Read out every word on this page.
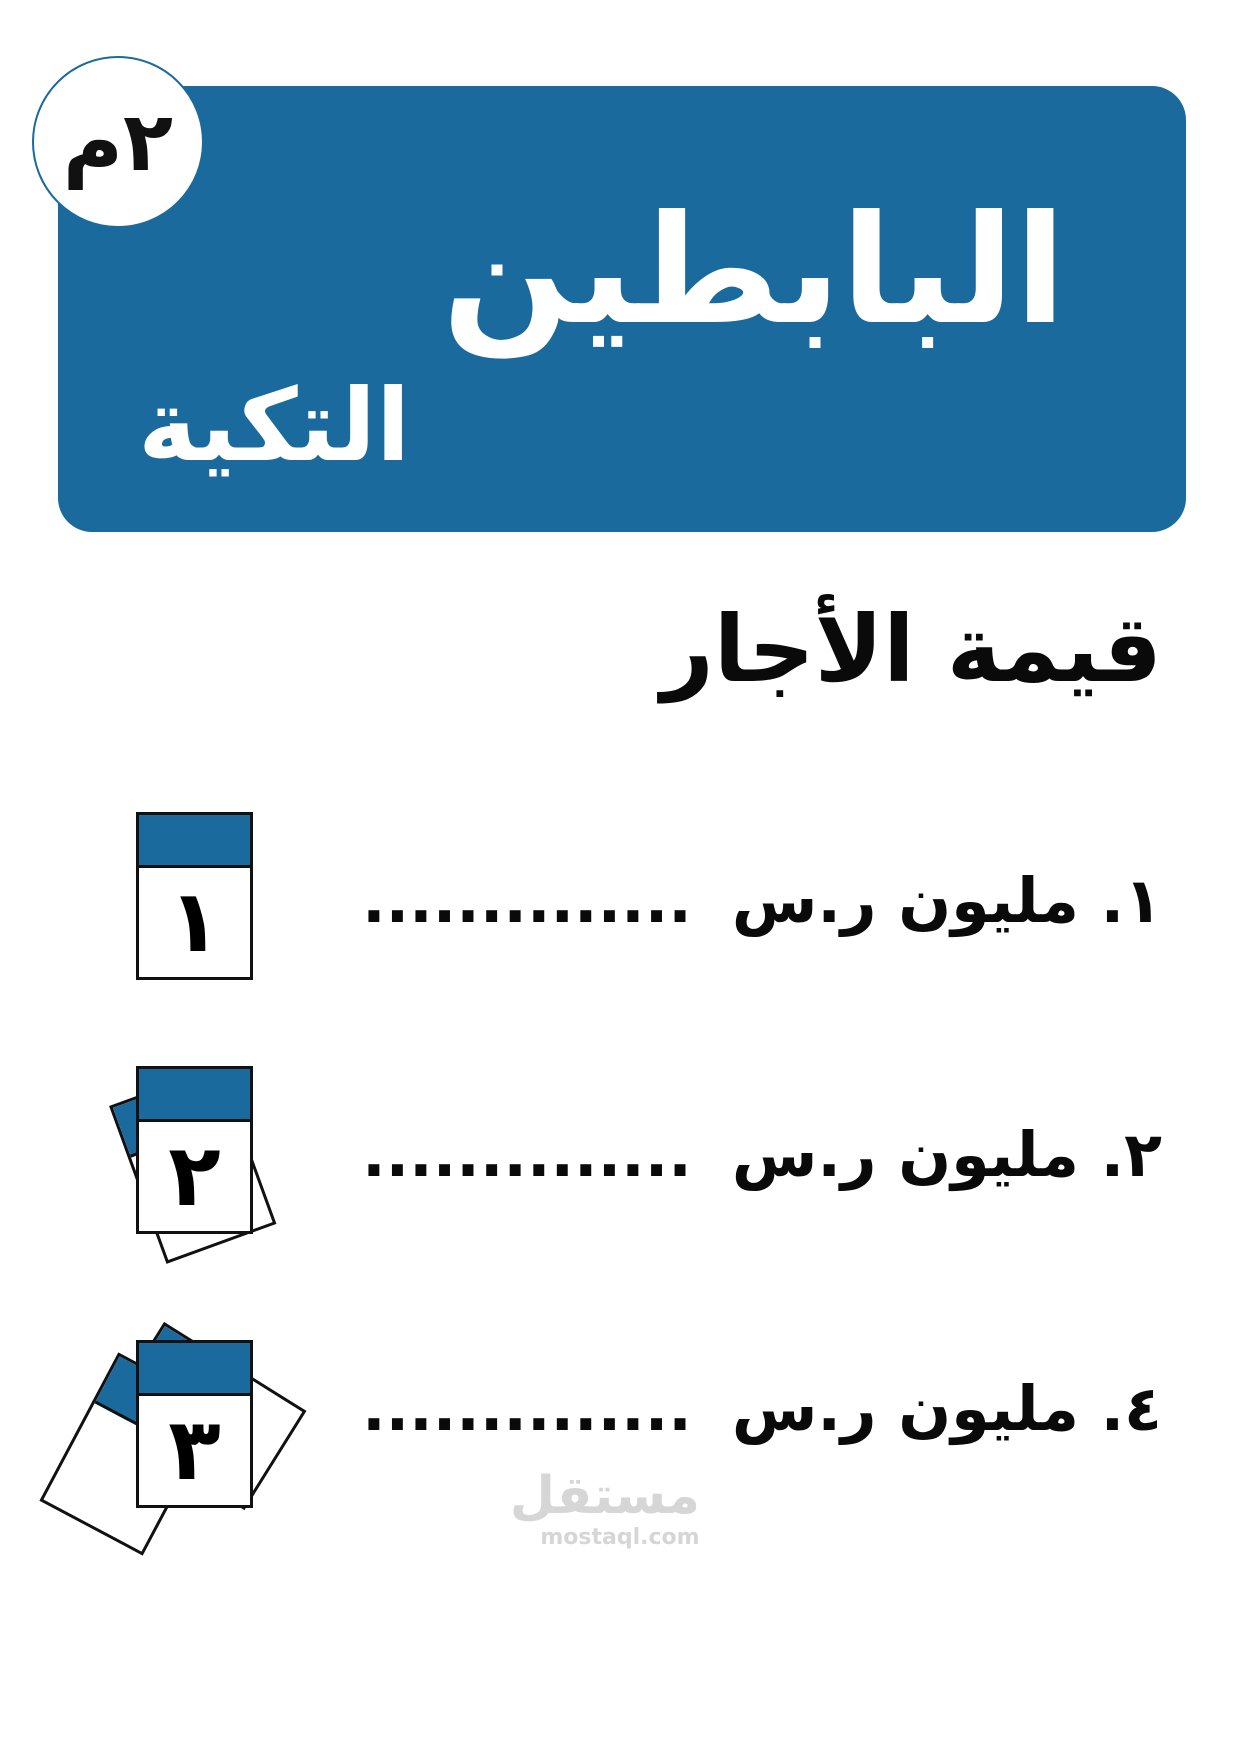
البابطين
التكية
٢م
قيمة الأجار
١. مليون ر.س..............
١
٢. مليون ر.س..............
٢
٤. مليون ر.س..............
٣	مستقل
mostaql.com
